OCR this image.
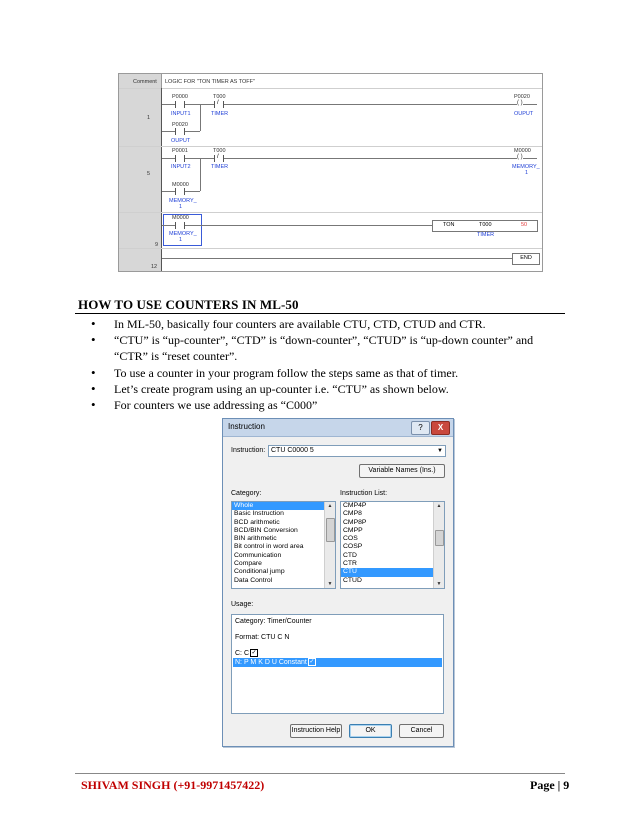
Comment LOGIC FOR "TON TIMER AS TOFF"
1
P0000
INPUT1
T000
/
TIMER
P0020
OUPUT
P0020
( )
OUPUT
5
P0001
INPUT2
T000
/
TIMER
M0000
MEMORY_
1
M0000
( )
MEMORY_
1
9
M0000
MEMORY_
1
TON	T000	50
TIMER
12
END
HOW TO USE COUNTERS IN ML-50
• In ML-50, basically four counters are available CTU, CTD, CTUD and CTR.
• “CTU” is “up-counter”, “CTD” is “down-counter”, “CTUD” is “up-down counter” and “CTR” is “reset counter”.
• To use a counter in your program follow the steps same as that of timer.
• Let’s create program using an up-counter i.e. “CTU” as shown below.
• For counters we use addressing as “C000”
Instruction	?	X
Instruction: CTU C0000 5	▼
Variable Names (Ins.)
Category:	Instruction List:
Whole
Basic Instruction
BCD arithmetic
BCD/BIN Conversion
BIN arithmetic
Bit control in word area
Communication
Compare
Conditional jump
Data Control
▲
▼
CMP4P
CMP8
CMP8P
CMPP
COS
COSP
CTD
CTR
CTU
CTUD
▲
▼
Usage:
Category: Timer/Counter
Format: CTU C N
C: C ✓
N: P M K D U Constant ✓
Instruction Help	OK	Cancel
SHIVAM SINGH (+91-9971457422)	Page | 9
